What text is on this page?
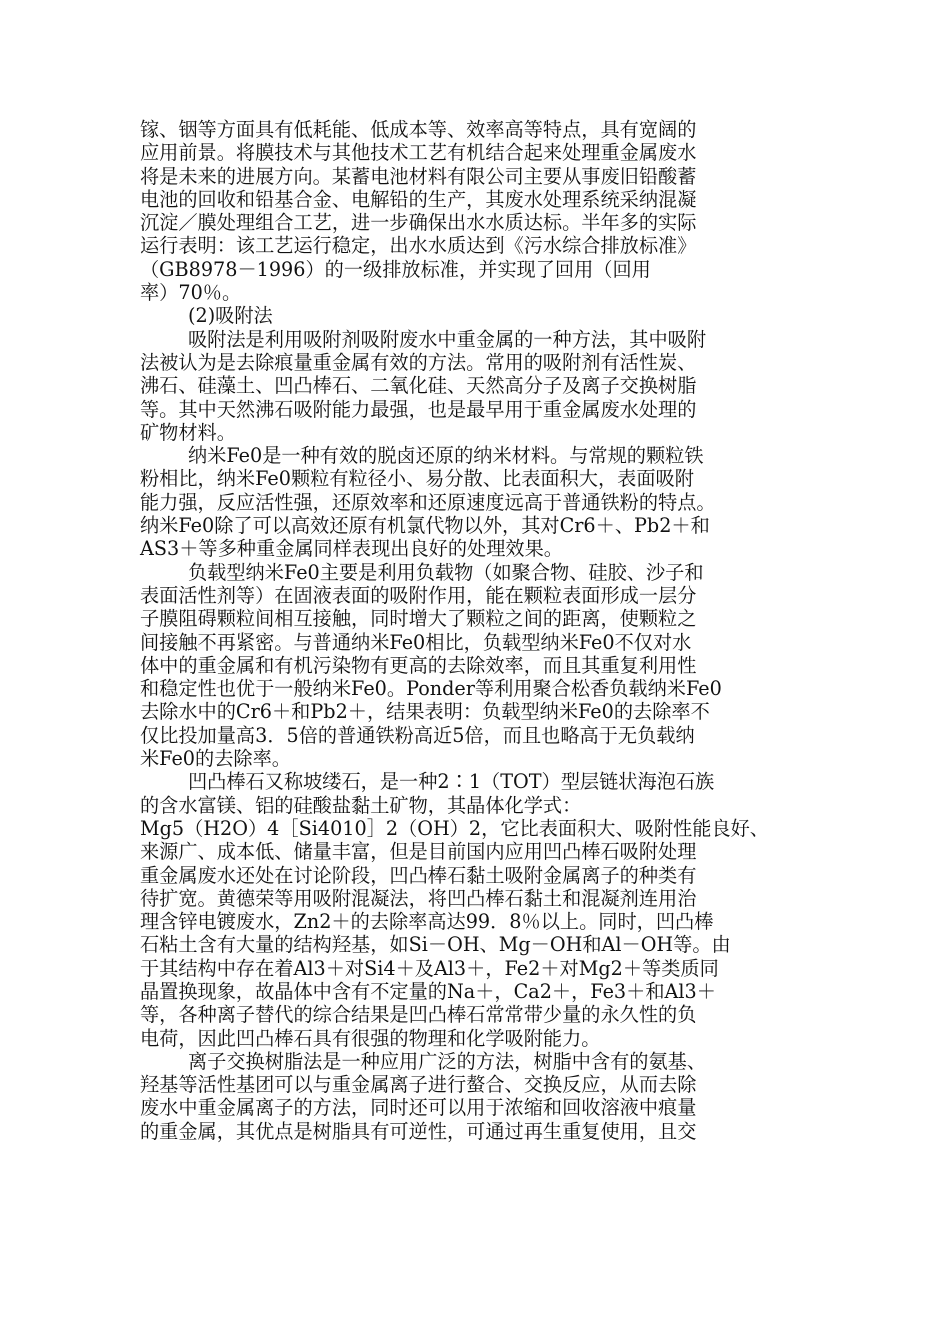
镓、铟等方面具有低耗能、低成本等、效率高等特点，具有宽阔的
应用前景。将膜技术与其他技术工艺有机结合起来处理重金属废水
将是未来的进展方向。某蓄电池材料有限公司主要从事废旧铅酸蓄
电池的回收和铅基合金、电解铅的生产，其废水处理系统采纳混凝
沉淀／膜处理组合工艺，进一步确保出水水质达标。半年多的实际
运行表明：该工艺运行稳定，出水水质达到《污水综合排放标准》
（GB8978－1996）的一级排放标准，并实现了回用（回用
率）70％。
(2)吸附法
吸附法是利用吸附剂吸附废水中重金属的一种方法，其中吸附
法被认为是去除痕量重金属有效的方法。常用的吸附剂有活性炭、
沸石、硅藻土、凹凸棒石、二氧化硅、天然高分子及离子交换树脂
等。其中天然沸石吸附能力最强，也是最早用于重金属废水处理的
矿物材料。
纳米Fe0是一种有效的脱卤还原的纳米材料。与常规的颗粒铁
粉相比，纳米Fe0颗粒有粒径小、易分散、比表面积大，表面吸附
能力强，反应活性强，还原效率和还原速度远高于普通铁粉的特点。
纳米Fe0除了可以高效还原有机氯代物以外，其对Cr6＋、Pb2＋和
AS3＋等多种重金属同样表现出良好的处理效果。
负载型纳米Fe0主要是利用负载物（如聚合物、硅胶、沙子和
表面活性剂等）在固液表面的吸附作用，能在颗粒表面形成一层分
子膜阻碍颗粒间相互接触，同时增大了颗粒之间的距离，使颗粒之
间接触不再紧密。与普通纳米Fe0相比，负载型纳米Fe0不仅对水
体中的重金属和有机污染物有更高的去除效率，而且其重复利用性
和稳定性也优于一般纳米Fe0。Ponder等利用聚合松香负载纳米Fe0
去除水中的Cr6＋和Pb2＋，结果表明：负载型纳米Fe0的去除率不
仅比投加量高3．5倍的普通铁粉高近5倍，而且也略高于无负载纳
米Fe0的去除率。
凹凸棒石又称坡缕石，是一种2∶1（TOT）型层链状海泡石族
的含水富镁、铝的硅酸盐黏土矿物，其晶体化学式：
Mg5（H2O）4［Si4010］2（OH）2，它比表面积大、吸附性能良好、
来源广、成本低、储量丰富，但是目前国内应用凹凸棒石吸附处理
重金属废水还处在讨论阶段，凹凸棒石黏土吸附金属离子的种类有
待扩宽。黄德荣等用吸附混凝法，将凹凸棒石黏土和混凝剂连用治
理含锌电镀废水，Zn2＋的去除率高达99．8％以上。同时，凹凸棒
石粘土含有大量的结构羟基，如Si－OH、Mg－OH和Al－OH等。由
于其结构中存在着Al3＋对Si4＋及Al3＋，Fe2＋对Mg2＋等类质同
晶置换现象，故晶体中含有不定量的Na＋，Ca2＋，Fe3＋和Al3＋
等，各种离子替代的综合结果是凹凸棒石常常带少量的永久性的负
电荷，因此凹凸棒石具有很强的物理和化学吸附能力。
离子交换树脂法是一种应用广泛的方法，树脂中含有的氨基、
羟基等活性基团可以与重金属离子进行螯合、交换反应，从而去除
废水中重金属离子的方法，同时还可以用于浓缩和回收溶液中痕量
的重金属，其优点是树脂具有可逆性，可通过再生重复使用，且交
